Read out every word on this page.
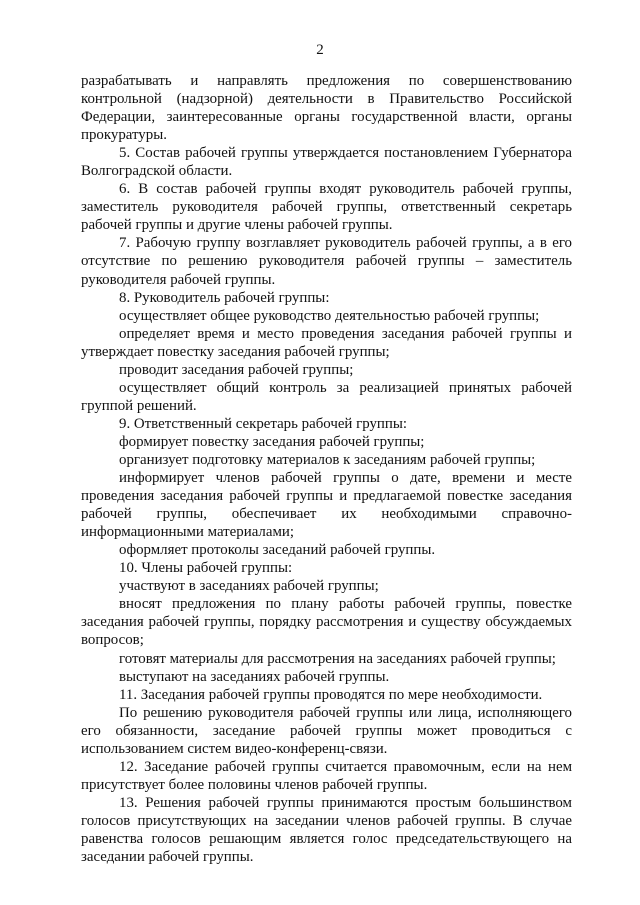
2

разрабатывать и направлять предложения по совершенствованию контрольной (надзорной) деятельности в Правительство Российской Федерации, заинтересованные органы государственной власти, органы прокуратуры.

5. Состав рабочей группы утверждается постановлением Губернатора Волгоградской области.

6. В состав рабочей группы входят руководитель рабочей группы, заместитель руководителя рабочей группы, ответственный секретарь рабочей группы и другие члены рабочей группы.

7. Рабочую группу возглавляет руководитель рабочей группы, а в его отсутствие по решению руководителя рабочей группы – заместитель руководителя рабочей группы.

8. Руководитель рабочей группы:

осуществляет общее руководство деятельностью рабочей группы;

определяет время и место проведения заседания рабочей группы и утверждает повестку заседания рабочей группы;

проводит заседания рабочей группы;

осуществляет общий контроль за реализацией принятых рабочей группой решений.

9. Ответственный секретарь рабочей группы:

формирует повестку заседания рабочей группы;

организует подготовку материалов к заседаниям рабочей группы;

информирует членов рабочей группы о дате, времени и месте проведения заседания рабочей группы и предлагаемой повестке заседания рабочей группы, обеспечивает их необходимыми справочно-информационными материалами;

оформляет протоколы заседаний рабочей группы.

10. Члены рабочей группы:

участвуют в заседаниях рабочей группы;

вносят предложения по плану работы рабочей группы, повестке заседания рабочей группы, порядку рассмотрения и существу обсуждаемых вопросов;

готовят материалы для рассмотрения на заседаниях рабочей группы;

выступают на заседаниях рабочей группы.

11. Заседания рабочей группы проводятся по мере необходимости.

По решению руководителя рабочей группы или лица, исполняющего его обязанности, заседание рабочей группы может проводиться с использованием систем видео-конференц-связи.

12. Заседание рабочей группы считается правомочным, если на нем присутствует более половины членов рабочей группы.

13. Решения рабочей группы принимаются простым большинством голосов присутствующих на заседании членов рабочей группы. В случае равенства голосов решающим является голос председательствующего на заседании рабочей группы.
